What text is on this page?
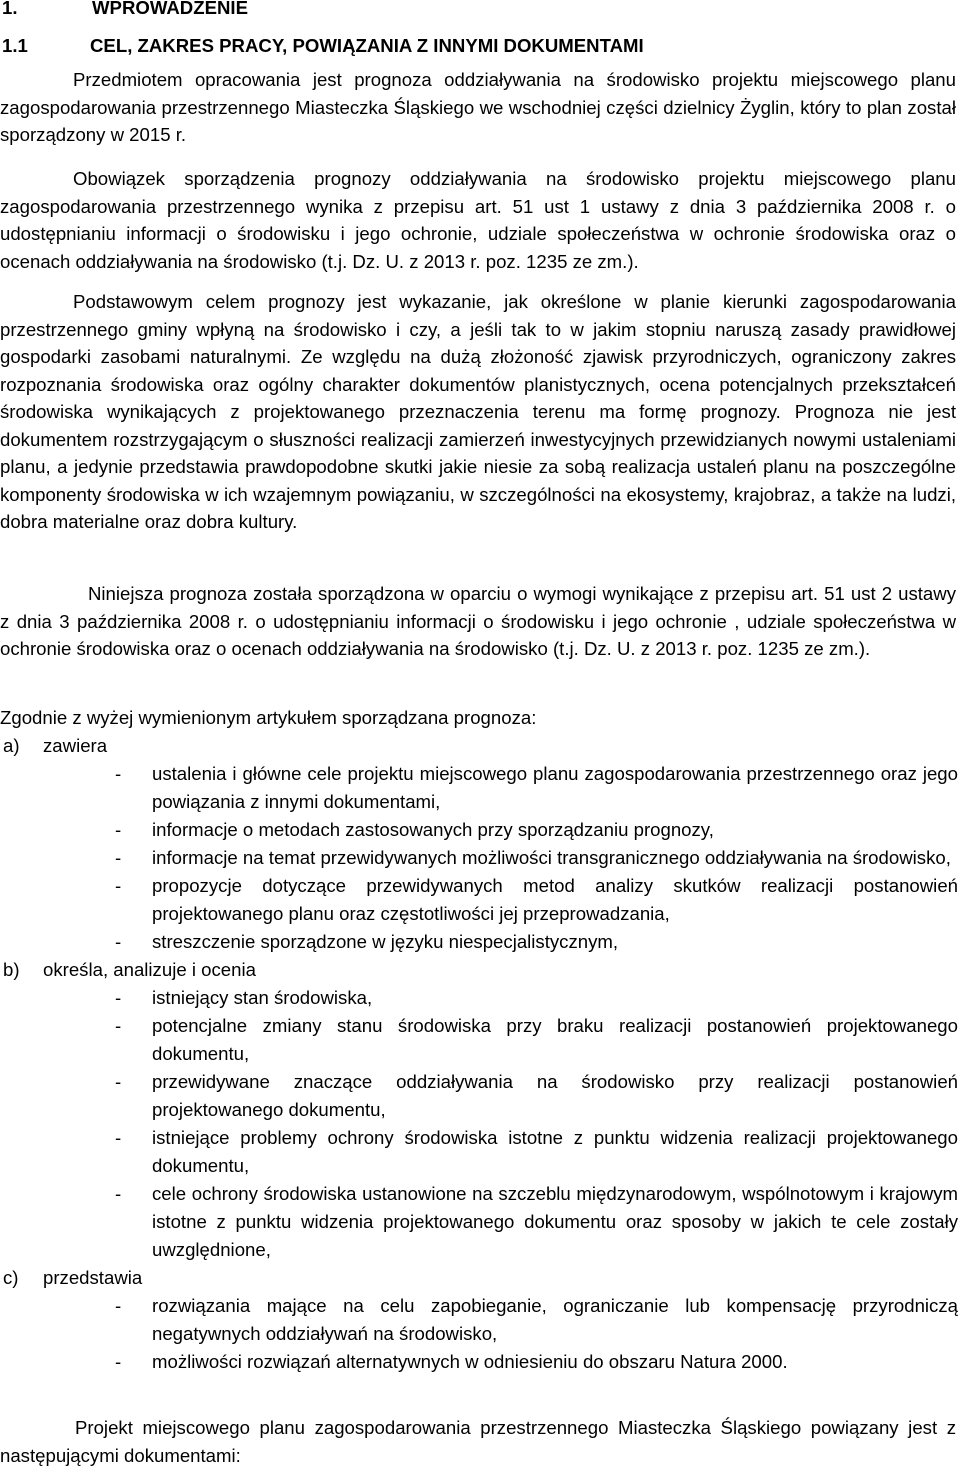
1.	WPROWADZENIE
1.1	CEL, ZAKRES PRACY, POWIĄZANIA Z INNYMI DOKUMENTAMI

Przedmiotem opracowania jest prognoza oddziaływania na środowisko projektu miejscowego planu zagospodarowania przestrzennego Miasteczka Śląskiego we wschodniej części dzielnicy Żyglin, który to plan został sporządzony w 2015 r.

Obowiązek sporządzenia prognozy oddziaływania na środowisko projektu miejscowego planu zagospodarowania przestrzennego wynika z przepisu art. 51 ust 1 ustawy z dnia 3 października 2008 r. o udostępnianiu informacji o środowisku i jego ochronie, udziale społeczeństwa w ochronie środowiska oraz o ocenach oddziaływania na środowisko (t.j. Dz. U. z 2013 r. poz. 1235 ze zm.).

Podstawowym celem prognozy jest wykazanie, jak określone w planie kierunki zagospodarowania przestrzennego gminy wpłyną na środowisko i czy, a jeśli tak to w jakim stopniu naruszą zasady prawidłowej gospodarki zasobami naturalnymi. Ze względu na dużą złożoność zjawisk przyrodniczych, ograniczony zakres rozpoznania środowiska oraz ogólny charakter dokumentów planistycznych, ocena potencjalnych przekształceń środowiska wynikających z projektowanego przeznaczenia terenu ma formę prognozy. Prognoza nie jest dokumentem rozstrzygającym o słuszności realizacji zamierzeń inwestycyjnych przewidzianych nowymi ustaleniami planu, a jedynie przedstawia prawdopodobne skutki jakie niesie za sobą realizacja ustaleń planu na poszczególne komponenty środowiska w ich wzajemnym powiązaniu, w szczególności na ekosystemy, krajobraz, a także na ludzi, dobra materialne oraz dobra kultury.

Niniejsza prognoza została sporządzona w oparciu o wymogi wynikające z przepisu art. 51 ust 2 ustawy z dnia 3 października 2008 r. o udostępnianiu informacji o środowisku i jego ochronie , udziale społeczeństwa w ochronie środowiska oraz o ocenach oddziaływania na środowisko (t.j. Dz. U. z 2013 r. poz. 1235 ze zm.).

Zgodnie z wyżej wymienionym artykułem sporządzana prognoza:

a)	zawiera
-	ustalenia i główne cele projektu miejscowego planu zagospodarowania przestrzennego oraz jego powiązania z innymi dokumentami,
-	informacje o metodach zastosowanych przy sporządzaniu prognozy,
-	informacje na temat przewidywanych możliwości transgranicznego oddziaływania na środowisko,
-	propozycje dotyczące przewidywanych metod analizy skutków realizacji postanowień projektowanego planu oraz częstotliwości jej przeprowadzania,
-	streszczenie sporządzone w języku niespecjalistycznym,
b)	określa, analizuje i ocenia
-	istniejący stan środowiska,
-	potencjalne zmiany stanu środowiska przy braku realizacji postanowień projektowanego dokumentu,
-	przewidywane znaczące oddziaływania na środowisko przy realizacji postanowień projektowanego dokumentu,
-	istniejące problemy ochrony środowiska istotne z punktu widzenia realizacji projektowanego dokumentu,
-	cele ochrony środowiska ustanowione na szczeblu międzynarodowym, wspólnotowym i krajowym istotne z punktu widzenia projektowanego dokumentu oraz sposoby w jakich te cele zostały uwzględnione,
c)	przedstawia
-	rozwiązania mające na celu zapobieganie, ograniczanie lub kompensację przyrodniczą negatywnych oddziaływań na środowisko,
-	możliwości rozwiązań alternatywnych w odniesieniu do obszaru Natura 2000.

Projekt miejscowego planu zagospodarowania przestrzennego Miasteczka Śląskiego powiązany jest z następującymi dokumentami:
